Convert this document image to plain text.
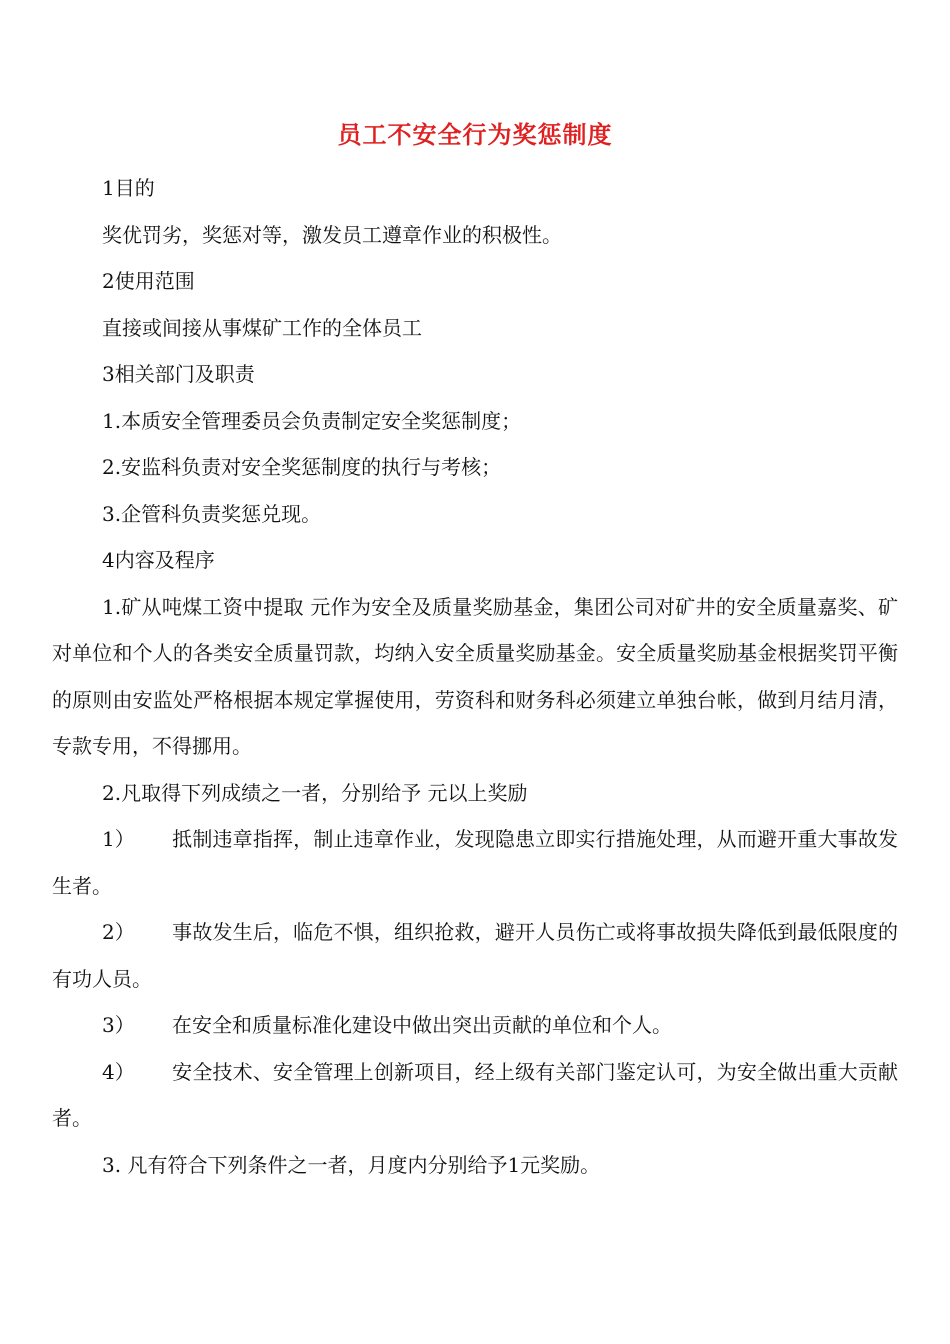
员工不安全行为奖惩制度

1目的

奖优罚劣，奖惩对等，激发员工遵章作业的积极性。

2使用范围

直接或间接从事煤矿工作的全体员工

3相关部门及职责

1.本质安全管理委员会负责制定安全奖惩制度；

2.安监科负责对安全奖惩制度的执行与考核；

3.企管科负责奖惩兑现。

4内容及程序

1.矿从吨煤工资中提取 元作为安全及质量奖励基金，集团公司对矿井的安全质量嘉奖、矿对单位和个人的各类安全质量罚款，均纳入安全质量奖励基金。安全质量奖励基金根据奖罚平衡的原则由安监处严格根据本规定掌握使用，劳资科和财务科必须建立单独台帐，做到月结月清，专款专用，不得挪用。

2.凡取得下列成绩之一者，分别给予 元以上奖励

1） 抵制违章指挥，制止违章作业，发现隐患立即实行措施处理，从而避开重大事故发生者。

2） 事故发生后，临危不惧，组织抢救，避开人员伤亡或将事故损失降低到最低限度的有功人员。

3） 在安全和质量标准化建设中做出突出贡献的单位和个人。

4） 安全技术、安全管理上创新项目，经上级有关部门鉴定认可，为安全做出重大贡献者。

3. 凡有符合下列条件之一者，月度内分别给予1元奖励。
